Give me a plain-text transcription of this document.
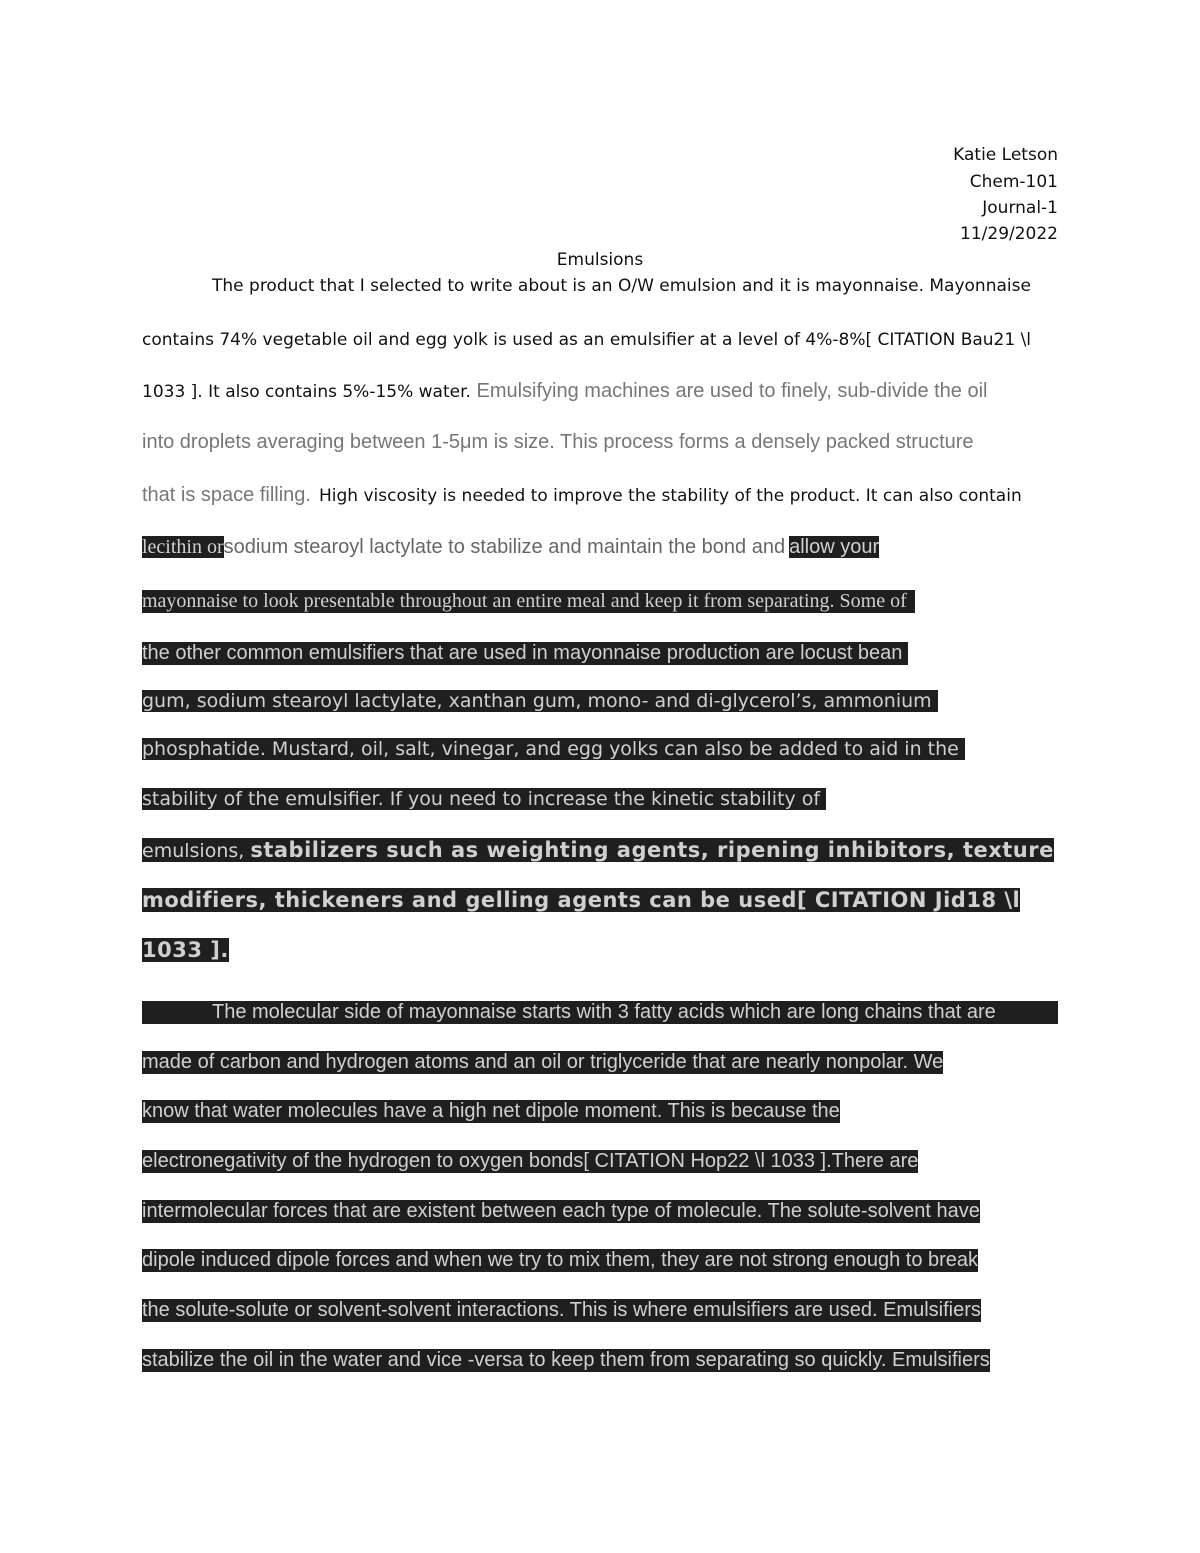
Katie Letson
Chem-101
Journal-1
11/29/2022
Emulsions
The product that I selected to write about is an O/W emulsion and it is mayonnaise. Mayonnaise
contains 74% vegetable oil and egg yolk is used as an emulsifier at a level of 4%-8%[ CITATION Bau21 \l
1033 ]. It also contains 5%-15% water. Emulsifying machines are used to finely, sub-divide the oil
into droplets averaging between 1-5μm is size. This process forms a densely packed structure
that is space filling. High viscosity is needed to improve the stability of the product. It can also contain
lecithin orsodium stearoyl lactylate to stabilize and maintain the bond and allow your
mayonnaise to look presentable throughout an entire meal and keep it from separating. Some of
the other common emulsifiers that are used in mayonnaise production are locust bean
gum, sodium stearoyl lactylate, xanthan gum, mono- and di-glycerol’s, ammonium
phosphatide. Mustard, oil, salt, vinegar, and egg yolks can also be added to aid in the
stability of the emulsifier. If you need to increase the kinetic stability of
emulsions, stabilizers such as weighting agents, ripening inhibitors, texture
modifiers, thickeners and gelling agents can be used[ CITATION Jid18 \l
1033 ].
The molecular side of mayonnaise starts with 3 fatty acids which are long chains that are
made of carbon and hydrogen atoms and an oil or triglyceride that are nearly nonpolar. We
know that water molecules have a high net dipole moment. This is because the
electronegativity of the hydrogen to oxygen bonds[ CITATION Hop22 \l 1033 ].There are
intermolecular forces that are existent between each type of molecule. The solute-solvent have
dipole induced dipole forces and when we try to mix them, they are not strong enough to break
the solute-solute or solvent-solvent interactions. This is where emulsifiers are used. Emulsifiers
stabilize the oil in the water and vice -versa to keep them from separating so quickly. Emulsifiers
